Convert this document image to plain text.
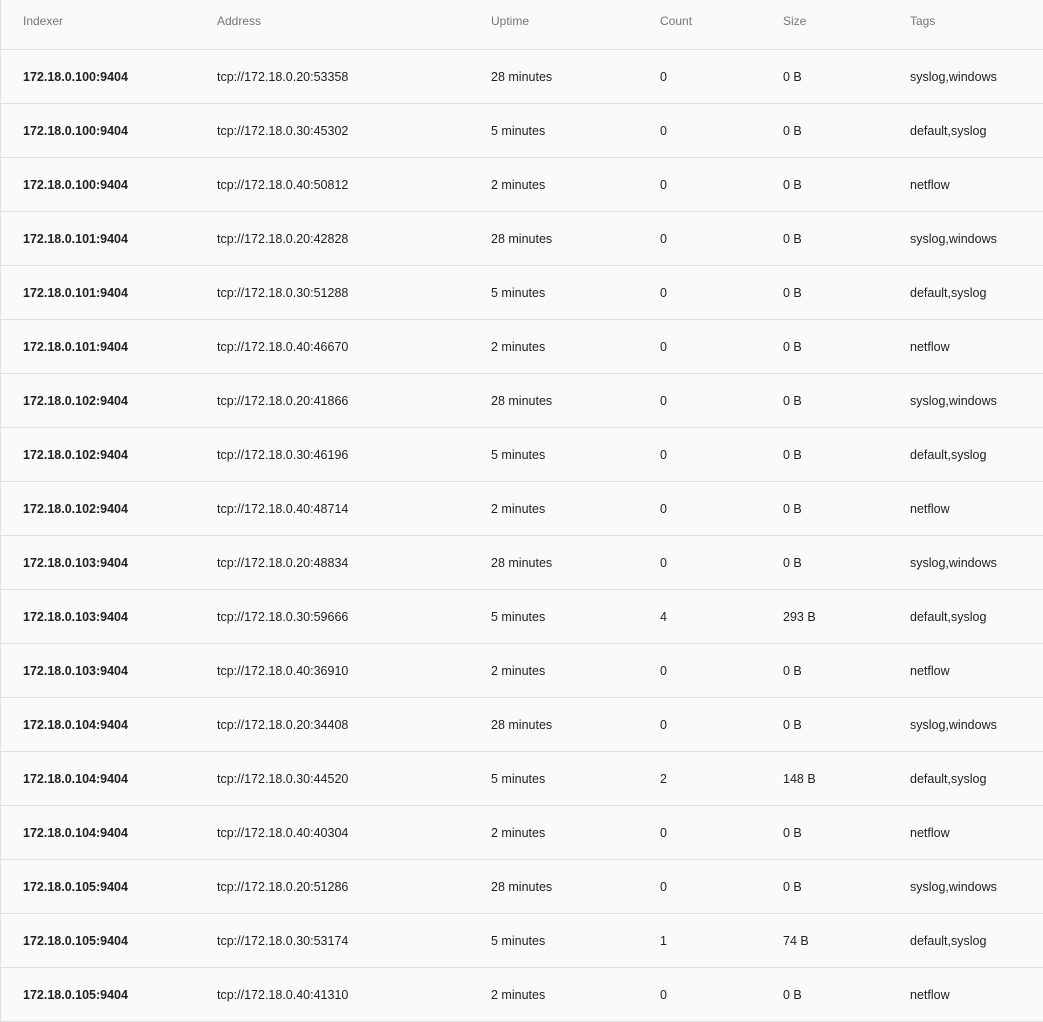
Indexer	Address	Uptime	Count	Size	Tags
172.18.0.100:9404	tcp://172.18.0.20:53358	28 minutes	0	0 B	syslog,windows
172.18.0.100:9404	tcp://172.18.0.30:45302	5 minutes	0	0 B	default,syslog
172.18.0.100:9404	tcp://172.18.0.40:50812	2 minutes	0	0 B	netflow
172.18.0.101:9404	tcp://172.18.0.20:42828	28 minutes	0	0 B	syslog,windows
172.18.0.101:9404	tcp://172.18.0.30:51288	5 minutes	0	0 B	default,syslog
172.18.0.101:9404	tcp://172.18.0.40:46670	2 minutes	0	0 B	netflow
172.18.0.102:9404	tcp://172.18.0.20:41866	28 minutes	0	0 B	syslog,windows
172.18.0.102:9404	tcp://172.18.0.30:46196	5 minutes	0	0 B	default,syslog
172.18.0.102:9404	tcp://172.18.0.40:48714	2 minutes	0	0 B	netflow
172.18.0.103:9404	tcp://172.18.0.20:48834	28 minutes	0	0 B	syslog,windows
172.18.0.103:9404	tcp://172.18.0.30:59666	5 minutes	4	293 B	default,syslog
172.18.0.103:9404	tcp://172.18.0.40:36910	2 minutes	0	0 B	netflow
172.18.0.104:9404	tcp://172.18.0.20:34408	28 minutes	0	0 B	syslog,windows
172.18.0.104:9404	tcp://172.18.0.30:44520	5 minutes	2	148 B	default,syslog
172.18.0.104:9404	tcp://172.18.0.40:40304	2 minutes	0	0 B	netflow
172.18.0.105:9404	tcp://172.18.0.20:51286	28 minutes	0	0 B	syslog,windows
172.18.0.105:9404	tcp://172.18.0.30:53174	5 minutes	1	74 B	default,syslog
172.18.0.105:9404	tcp://172.18.0.40:41310	2 minutes	0	0 B	netflow
